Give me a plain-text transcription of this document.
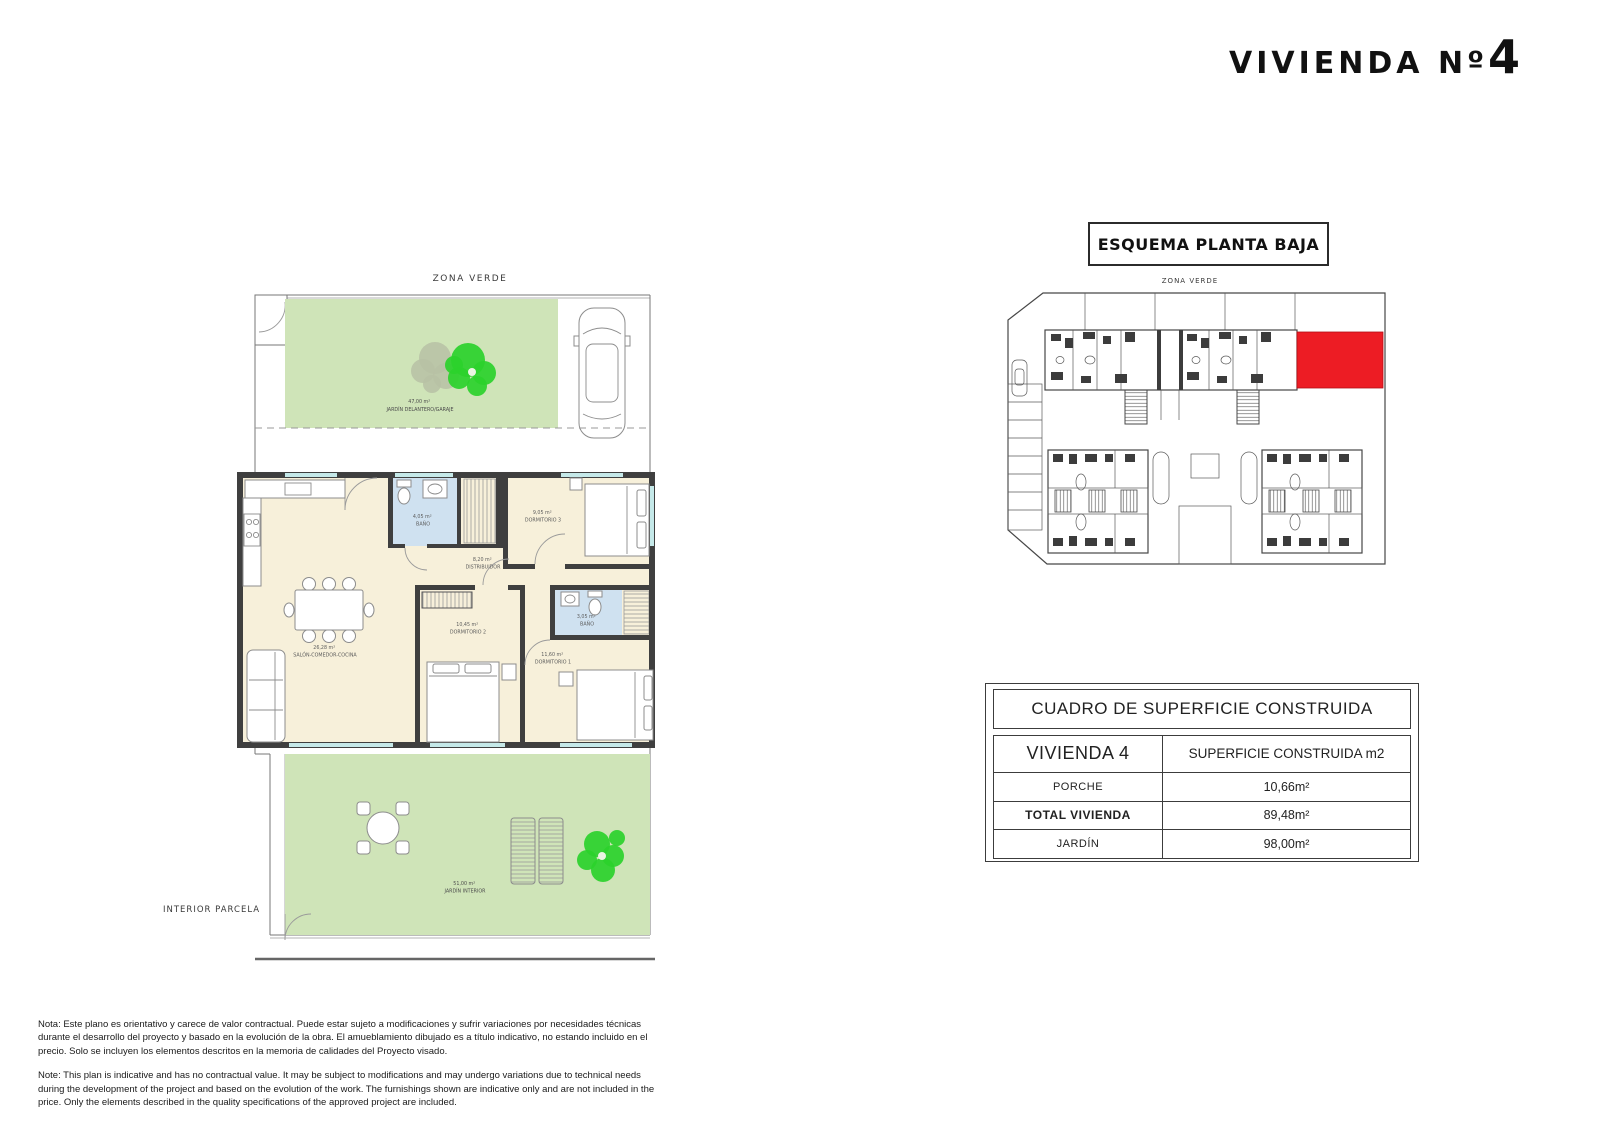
VIVIENDA Nº4
ZONA VERDE
INTERIOR PARCELA
ZONA VERDE
ESQUEMA PLANTA BAJA
47,00 m² JARDÍN DELANTERO/GARAJE
4,05 m² BAÑO
9,05 m² DORMITORIO 3
8,20 m² DISTRIBUIDOR
26,28 m² SALÓN-COMEDOR-COCINA
10,45 m² DORMITORIO 2
3,05 m² BAÑO
11,60 m² DORMITORIO 1
51,00 m² JARDÍN INTERIOR
CUADRO DE SUPERFICIE CONSTRUIDA
VIVIENDA 4	SUPERFICIE CONSTRUIDA m2
PORCHE	10,66m²
TOTAL VIVIENDA	89,48m²
JARDÍN	98,00m²

Nota: Este plano es orientativo y carece de valor contractual. Puede estar sujeto a modificaciones y sufrir variaciones por necesidades técnicas durante el desarrollo del proyecto y basado en la evolución de la obra. El amueblamiento dibujado es a título indicativo, no estando incluido en el precio. Solo se incluyen los elementos descritos en la memoria de calidades del Proyecto visado.

Note: This plan is indicative and has no contractual value. It may be subject to modifications and may undergo variations due to technical needs during the development of the project and based on the evolution of the work. The furnishings shown are indicative only and are not included in the price. Only the elements described in the quality specifications of the approved project are included.
